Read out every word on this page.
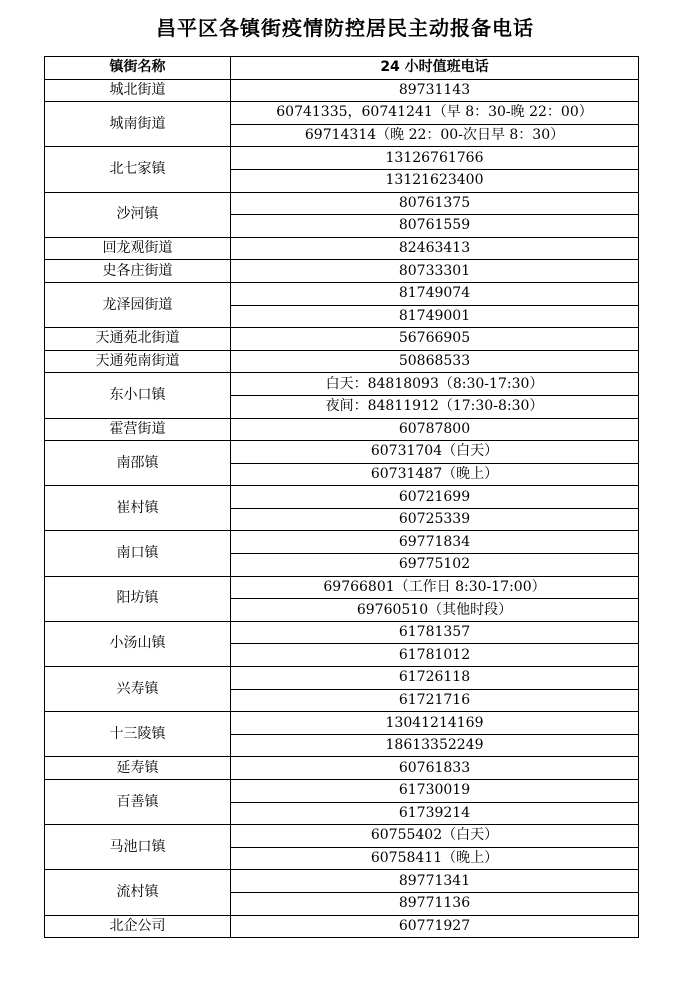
昌平区各镇街疫情防控居民主动报备电话
镇街名称	24 小时值班电话
城北街道	89731143
城南街道	60741335，60741241（早 8：30-晚 22：00）
	69714314（晚 22：00-次日早 8：30）
北七家镇	13126761766
	13121623400
沙河镇	80761375
	80761559
回龙观街道	82463413
史各庄街道	80733301
龙泽园街道	81749074
	81749001
天通苑北街道	56766905
天通苑南街道	50868533
东小口镇	白天：84818093（8:30-17:30）
	夜间：84811912（17:30-8:30）
霍营街道	60787800
南邵镇	60731704（白天）
	60731487（晚上）
崔村镇	60721699
	60725339
南口镇	69771834
	69775102
阳坊镇	69766801（工作日 8:30-17:00）
	69760510（其他时段）
小汤山镇	61781357
	61781012
兴寿镇	61726118
	61721716
十三陵镇	13041214169
	18613352249
延寿镇	60761833
百善镇	61730019
	61739214
马池口镇	60755402（白天）
	60758411（晚上）
流村镇	89771341
	89771136
北企公司	60771927
